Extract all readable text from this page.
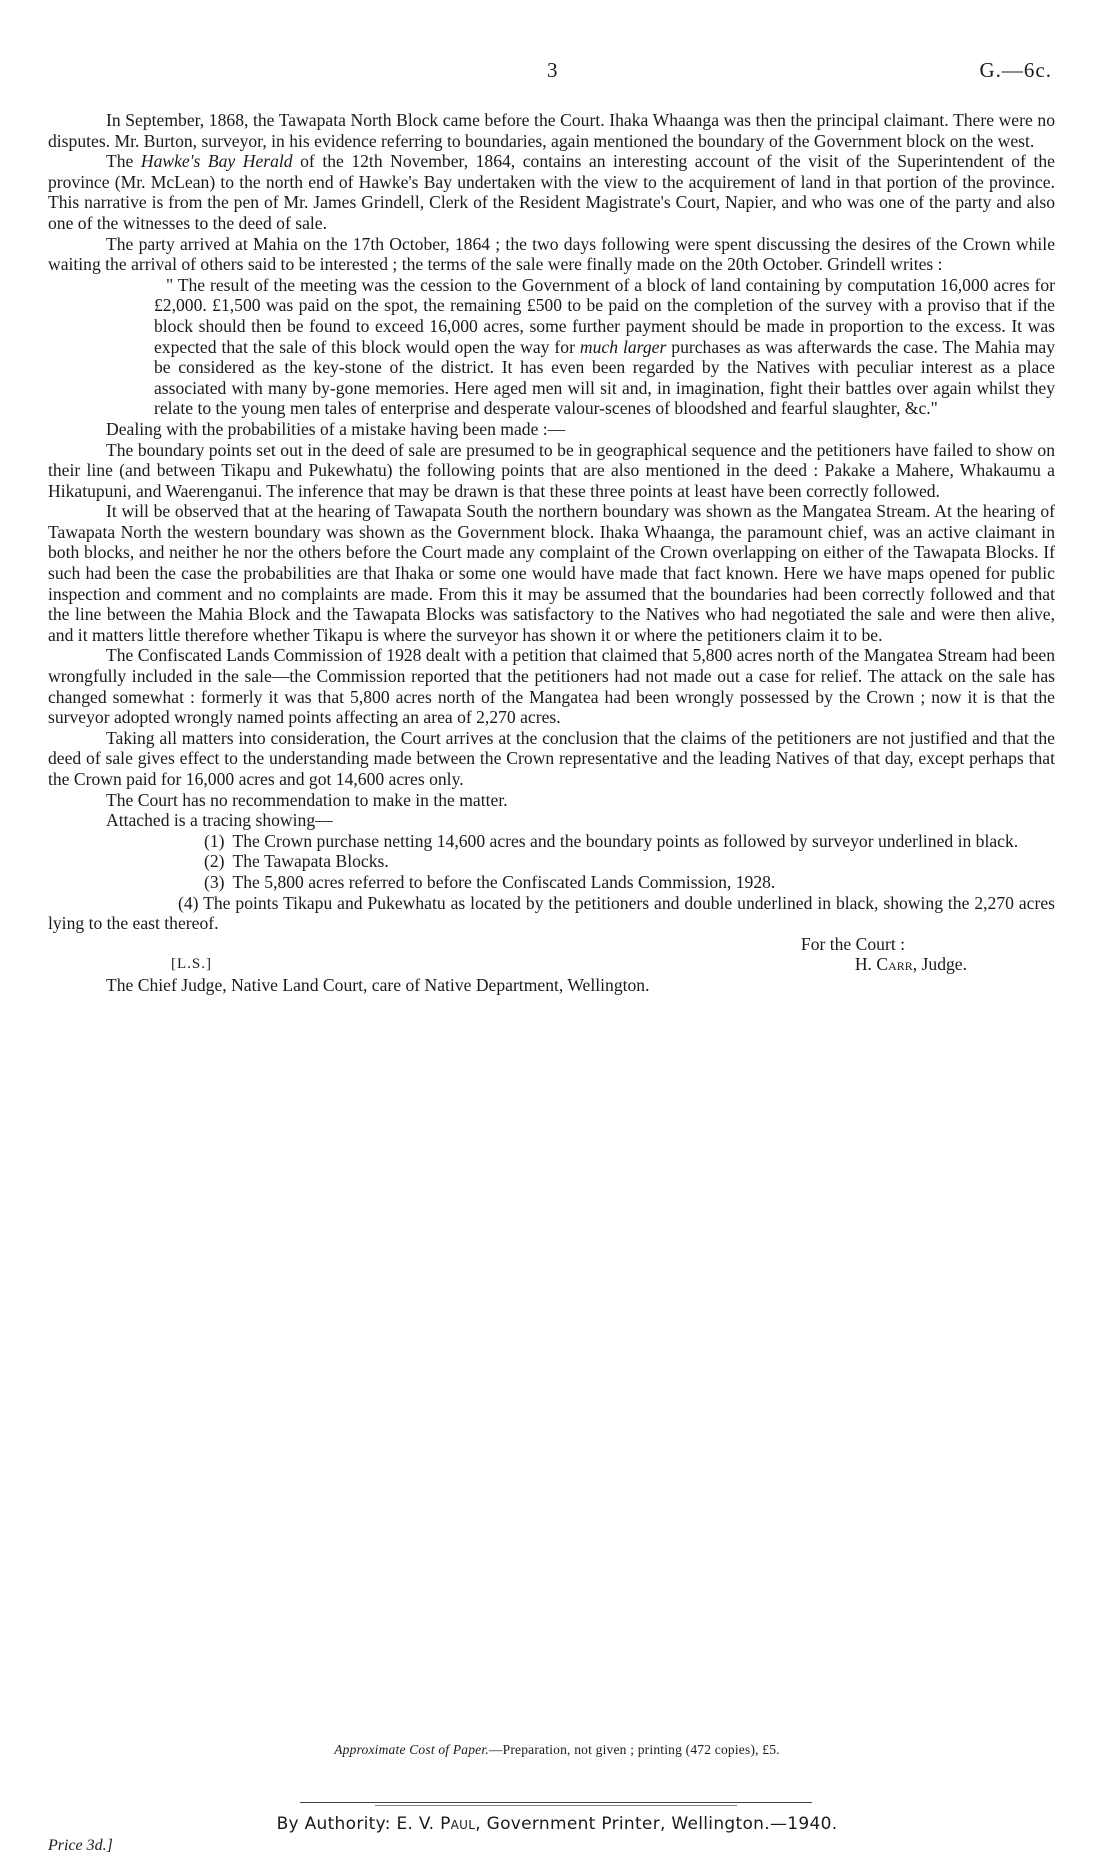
3	G.—6c.

In September, 1868, the Tawapata North Block came before the Court. Ihaka Whaanga was then the principal claimant. There were no disputes. Mr. Burton, surveyor, in his evidence referring to boundaries, again mentioned the boundary of the Government block on the west.

The Hawke's Bay Herald of the 12th November, 1864, contains an interesting account of the visit of the Superintendent of the province (Mr. McLean) to the north end of Hawke's Bay undertaken with the view to the acquirement of land in that portion of the province. This narrative is from the pen of Mr. James Grindell, Clerk of the Resident Magistrate's Court, Napier, and who was one of the party and also one of the witnesses to the deed of sale.

The party arrived at Mahia on the 17th October, 1864 ; the two days following were spent discussing the desires of the Crown while waiting the arrival of others said to be interested ; the terms of the sale were finally made on the 20th October. Grindell writes :

" The result of the meeting was the cession to the Government of a block of land containing by computation 16,000 acres for £2,000. £1,500 was paid on the spot, the remaining £500 to be paid on the completion of the survey with a proviso that if the block should then be found to exceed 16,000 acres, some further payment should be made in proportion to the excess. It was expected that the sale of this block would open the way for much larger purchases as was afterwards the case. The Mahia may be considered as the key-stone of the district. It has even been regarded by the Natives with peculiar interest as a place associated with many by-gone memories. Here aged men will sit and, in imagination, fight their battles over again whilst they relate to the young men tales of enterprise and desperate valour-scenes of bloodshed and fearful slaughter, &c."

Dealing with the probabilities of a mistake having been made :—

The boundary points set out in the deed of sale are presumed to be in geographical sequence and the petitioners have failed to show on their line (and between Tikapu and Pukewhatu) the following points that are also mentioned in the deed : Pakake a Mahere, Whakaumu a Hikatupuni, and Waerenganui. The inference that may be drawn is that these three points at least have been correctly followed.

It will be observed that at the hearing of Tawapata South the northern boundary was shown as the Mangatea Stream. At the hearing of Tawapata North the western boundary was shown as the Government block. Ihaka Whaanga, the paramount chief, was an active claimant in both blocks, and neither he nor the others before the Court made any complaint of the Crown overlapping on either of the Tawapata Blocks. If such had been the case the probabilities are that Ihaka or some one would have made that fact known. Here we have maps opened for public inspection and comment and no complaints are made. From this it may be assumed that the boundaries had been correctly followed and that the line between the Mahia Block and the Tawapata Blocks was satisfactory to the Natives who had negotiated the sale and were then alive, and it matters little therefore whether Tikapu is where the surveyor has shown it or where the petitioners claim it to be.

The Confiscated Lands Commission of 1928 dealt with a petition that claimed that 5,800 acres north of the Mangatea Stream had been wrongfully included in the sale—the Commission reported that the petitioners had not made out a case for relief. The attack on the sale has changed somewhat : formerly it was that 5,800 acres north of the Mangatea had been wrongly possessed by the Crown ; now it is that the surveyor adopted wrongly named points affecting an area of 2,270 acres.

Taking all matters into consideration, the Court arrives at the conclusion that the claims of the petitioners are not justified and that the deed of sale gives effect to the understanding made between the Crown representative and the leading Natives of that day, except perhaps that the Crown paid for 16,000 acres and got 14,600 acres only.

The Court has no recommendation to make in the matter.

Attached is a tracing showing—

(1) The Crown purchase netting 14,600 acres and the boundary points as followed by surveyor underlined in black.

(2) The Tawapata Blocks.

(3) The 5,800 acres referred to before the Confiscated Lands Commission, 1928.

(4) The points Tikapu and Pukewhatu as located by the petitioners and double underlined in black, showing the 2,270 acres lying to the east thereof.

For the Court :

[L.S.]	H. Carr, Judge.

The Chief Judge, Native Land Court, care of Native Department, Wellington.

Approximate Cost of Paper.—Preparation, not given ; printing (472 copies), £5.
By Authority: E. V. Paul, Government Printer, Wellington.—1940.
Price 3d.]
